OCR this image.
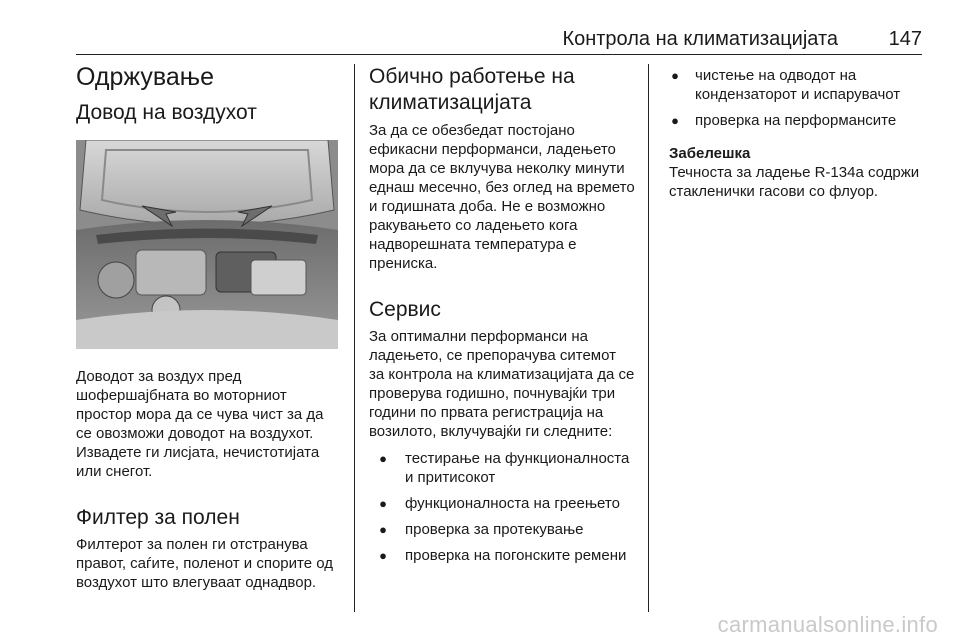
Контрола на климатизацијата	147
Одржување
Довод на воздухот

Доводот за воздух пред шофершајбната во моторниот простор мора да се чува чист за да се овозможи доводот на воздухот. Извадете ги лисјата, нечистотијата или снегот.

Филтер за полен

Филтерот за полен ги отстранува правот, саѓите, поленот и спорите од воздухот што влегуваат однадвор.

Обично работење на климатизацијата

За да се обезбедат постојано ефикасни перформанси, ладењето мора да се вклучува неколку минути еднаш месечно, без оглед на времето и годишната доба. Не е возможно ракувањето со ладењето кога надворешната температура е прениска.

Сервис

За оптимални перформанси на ладењето, се препорачува ситемот за контрола на климатизацијата да се проверува годишно, почнувајќи три години по првата регистрација на возилото, вклучувајќи ги следните:

● тестирање на функционалноста и притисокот
● функционалноста на греењето
● проверка за протекување
● проверка на погонските ремени
● чистење на одводот на кондензаторот и испарувачот
● проверка на перформансите
Забелешка

Течноста за ладење R-134a содржи стакленички гасови со флуор.

carmanualsonline.info
